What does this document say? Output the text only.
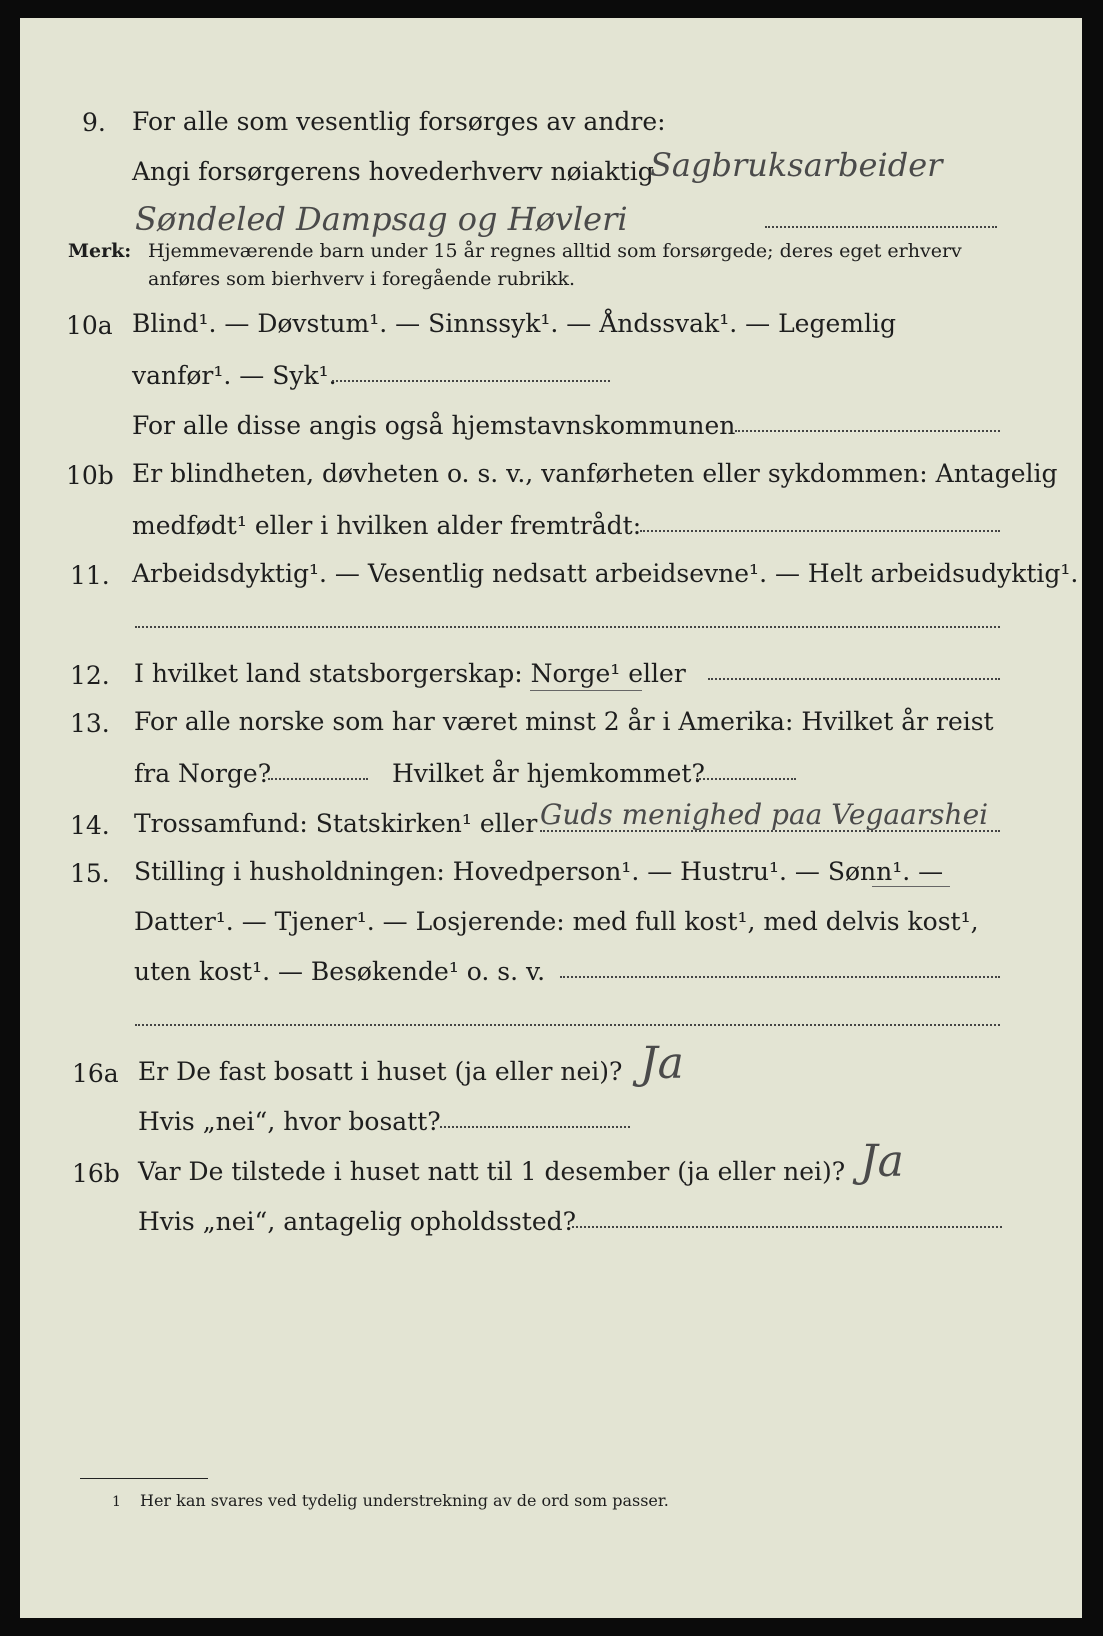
9. For alle som vesentlig forsørges av andre:
Angi forsørgerens hovederhverv nøiaktig
Sagbruksarbeider
Søndeled Dampsag og Høvleri
Merk: Hjemmeværende barn under 15 år regnes alltid som forsørgede; deres eget erhverv
anføres som bierhverv i foregående rubrikk.
10a Blind¹. — Døvstum¹. — Sinnssyk¹. — Åndssvak¹. — Legemlig
vanfør¹. — Syk¹.
For alle disse angis også hjemstavnskommunen
10b Er blindheten, døvheten o. s. v., vanførheten eller sykdommen: Antagelig
medfødt¹ eller i hvilken alder fremtrådt:
11. Arbeidsdyktig¹. — Vesentlig nedsatt arbeidsevne¹. — Helt arbeidsudyktig¹.
12. I hvilket land statsborgerskap: Norge¹ eller
13. For alle norske som har været minst 2 år i Amerika: Hvilket år reist
fra Norge?	Hvilket år hjemkommet?
14. Trossamfund: Statskirken¹ eller Guds menighed paa Vegaarshei
15. Stilling i husholdningen: Hovedperson¹. — Hustru¹. — Sønn¹. —
Datter¹. — Tjener¹. — Losjerende: med full kost¹, med delvis kost¹,
uten kost¹. — Besøkende¹ o. s. v.
16a Er De fast bosatt i huset (ja eller nei)? Ja
Hvis „nei“, hvor bosatt?
16b Var De tilstede i huset natt til 1 desember (ja eller nei)? Ja
Hvis „nei“, antagelig opholdssted?
1 Her kan svares ved tydelig understrekning av de ord som passer.
